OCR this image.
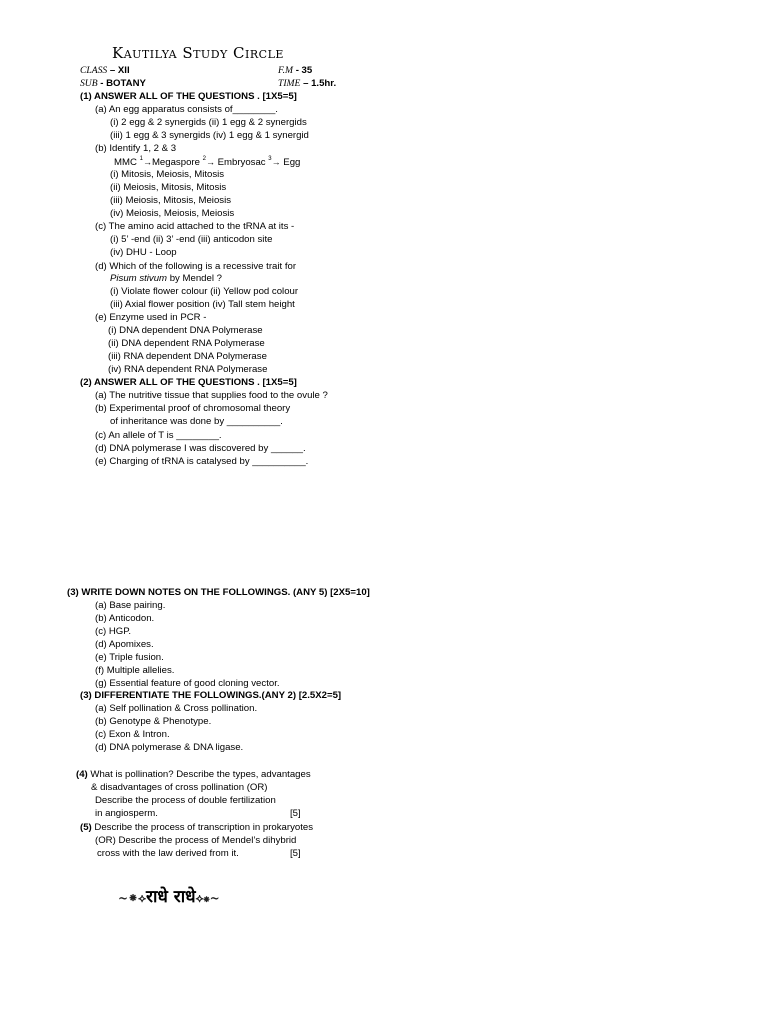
Kautilya Study Circle
CLASS – XII	F.M - 35
SUB - BOTANY	TIME – 1.5hr.
(1) ANSWER ALL OF THE QUESTIONS . [1X5=5]
(a) An egg apparatus consists of________.
(i) 2 egg & 2 synergids (ii) 1 egg & 2 synergids
(iii) 1 egg & 3 synergids (iv) 1 egg & 1 synergid
(b) Identify 1, 2 & 3
MMC $^1$→Megaspore $^2$→ Embryosac $^3$→ Egg
(i) Mitosis, Meiosis, Mitosis
(ii) Meiosis, Mitosis, Mitosis
(iii) Meiosis, Mitosis, Meiosis
(iv) Meiosis, Meiosis, Meiosis
(c) The amino acid attached to the tRNA at its -
(i) 5’ -end (ii) 3’ -end (iii) anticodon site
(iv) DHU - Loop
(d) Which of the following is a recessive trait for
Pisum stivum by Mendel ?
(i) Violate flower colour (ii) Yellow pod colour
(iii) Axial flower position (iv) Tall stem height
(e) Enzyme used in PCR -
(i) DNA dependent DNA Polymerase
(ii) DNA dependent RNA Polymerase
(iii) RNA dependent DNA Polymerase
(iv) RNA dependent RNA Polymerase
(2) ANSWER ALL OF THE QUESTIONS . [1X5=5]
(a) The nutritive tissue that supplies food to the ovule ?
(b) Experimental proof of chromosomal theory
of inheritance was done by __________.
(c) An allele of T is ________.
(d) DNA polymerase I was discovered by ______.
(e) Charging of tRNA is catalysed by __________.
(3) WRITE DOWN NOTES ON THE FOLLOWINGS. (ANY 5) [2X5=10]
(a) Base pairing.
(b) Anticodon.
(c) HGP.
(d) Apomixes.
(e) Triple fusion.
(f) Multiple allelies.
(g) Essential feature of good cloning vector.
(3) DIFFERENTIATE THE FOLLOWINGS.(ANY 2) [2.5X2=5]
(a) Self pollination & Cross pollination.
(b) Genotype & Phenotype.
(c) Exon & Intron.
(d) DNA polymerase & DNA ligase.
(4) What is pollination? Describe the types, advantages
& disadvantages of cross pollination (OR)
Describe the process of double fertilization
in angiosperm.	[5]
(5) Describe the process of transcription in prokaryotes
(OR) Describe the process of Mendel’s dihybrid
cross with the law derived from it.	[5]
~⁕⟡राधे राधे⟡⁕~
